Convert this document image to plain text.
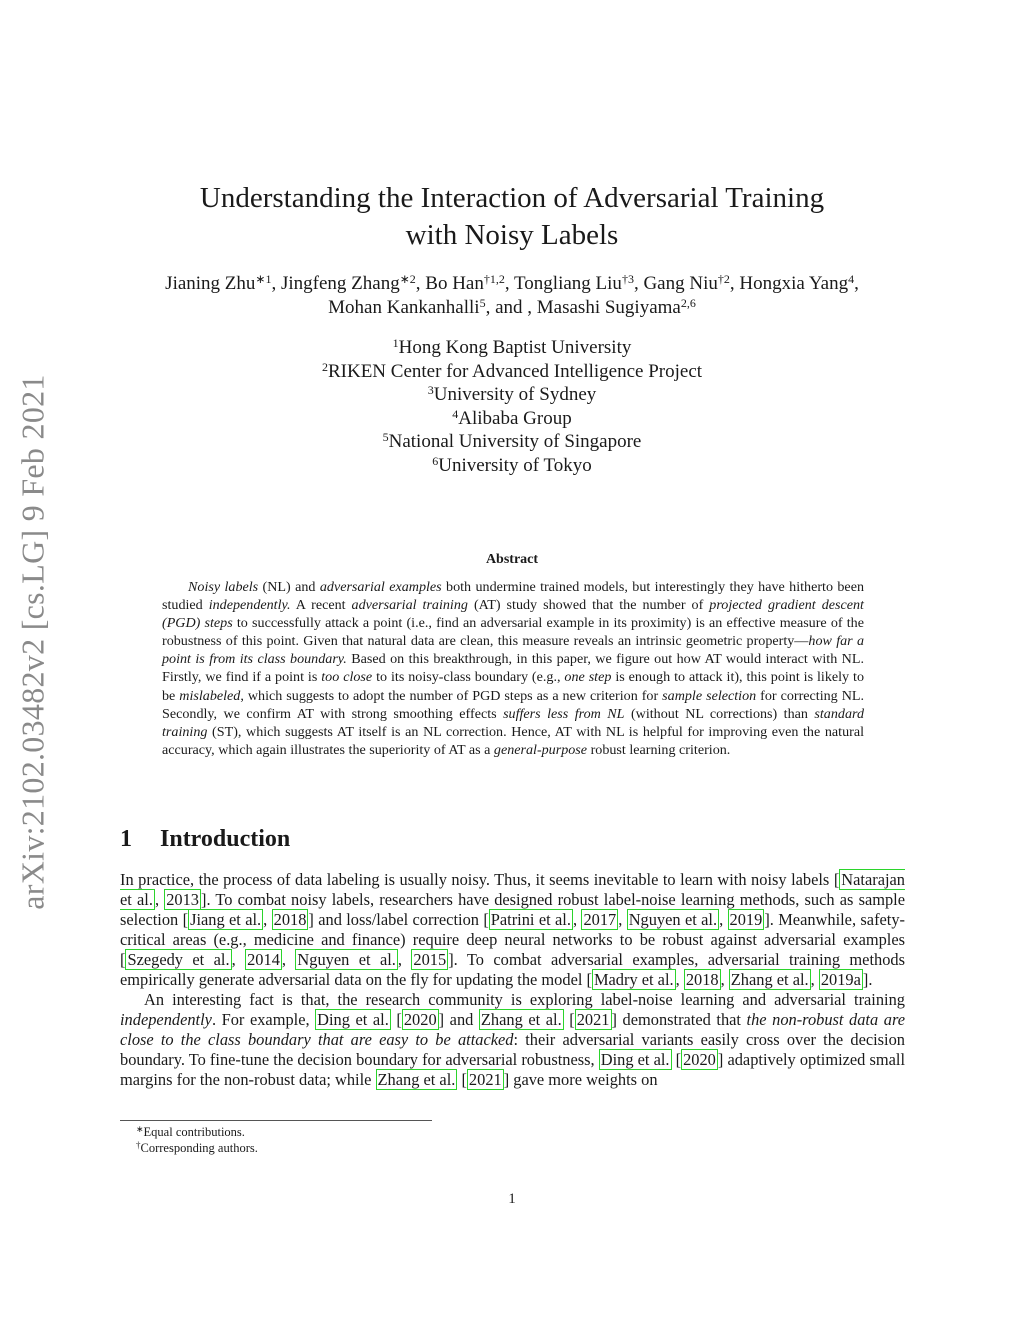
arXiv:2102.03482v2 [cs.LG] 9 Feb 2021
Understanding the Interaction of Adversarial Training
with Noisy Labels
Jianing Zhu$^{∗1}$, Jingfeng Zhang$^{∗2}$, Bo Han$^{\dagger 1,2}$, Tongliang Liu$^{\dagger 3}$, Gang Niu$^{\dagger 2}$, Hongxia Yang$^4$,
Mohan Kankanhalli$^5$, and , Masashi Sugiyama$^{2,6}$
$^1$Hong Kong Baptist University
$^2$RIKEN Center for Advanced Intelligence Project
$^3$University of Sydney
$^4$Alibaba Group
$^5$National University of Singapore
$^6$University of Tokyo
Abstract
Noisy labels (NL) and adversarial examples both undermine trained models, but interestingly they have hitherto been studied independently. A recent adversarial training (AT) study showed that the number of projected gradient descent (PGD) steps to successfully attack a point (i.e., find an adversarial example in its proximity) is an effective measure of the robustness of this point. Given that natural data are clean, this measure reveals an intrinsic geometric property—how far a point is from its class boundary. Based on this breakthrough, in this paper, we figure out how AT would interact with NL. Firstly, we find if a point is too close to its noisy-class boundary (e.g., one step is enough to attack it), this point is likely to be mislabeled, which suggests to adopt the number of PGD steps as a new criterion for sample selection for correcting NL. Secondly, we confirm AT with strong smoothing effects suffers less from NL (without NL corrections) than standard training (ST), which suggests AT itself is an NL correction. Hence, AT with NL is helpful for improving even the natural accuracy, which again illustrates the superiority of AT as a general-purpose robust learning criterion.
1 Introduction

In practice, the process of data labeling is usually noisy. Thus, it seems inevitable to learn with noisy labels [ Natarajan et al. , 2013 ]. To combat noisy labels, researchers have designed robust label-noise learning methods, such as sample selection [ Jiang et al. , 2018 ] and loss/label correction [ Patrini et al. , 2017 , Nguyen et al. , 2019 ]. Meanwhile, safety-critical areas (e.g., medicine and finance) require deep neural networks to be robust against adversarial examples [ Szegedy et al. , 2014 , Nguyen et al. , 2015 ]. To combat adversarial examples, adversarial training methods empirically generate adversarial data on the fly for updating the model [ Madry et al. , 2018 , Zhang et al. , 2019a ].

An interesting fact is that, the research community is exploring label-noise learning and adversarial training independently. For example, Ding et al. [ 2020 ] and Zhang et al. [ 2021 ] demonstrated that the non-robust data are close to the class boundary that are easy to be attacked: their adversarial variants easily cross over the decision boundary. To fine-tune the decision boundary for adversarial robustness, Ding et al. [ 2020 ] adaptively optimized small margins for the non-robust data; while Zhang et al. [ 2021 ] gave more weights on

∗Equal contributions.
†Corresponding authors.
1
